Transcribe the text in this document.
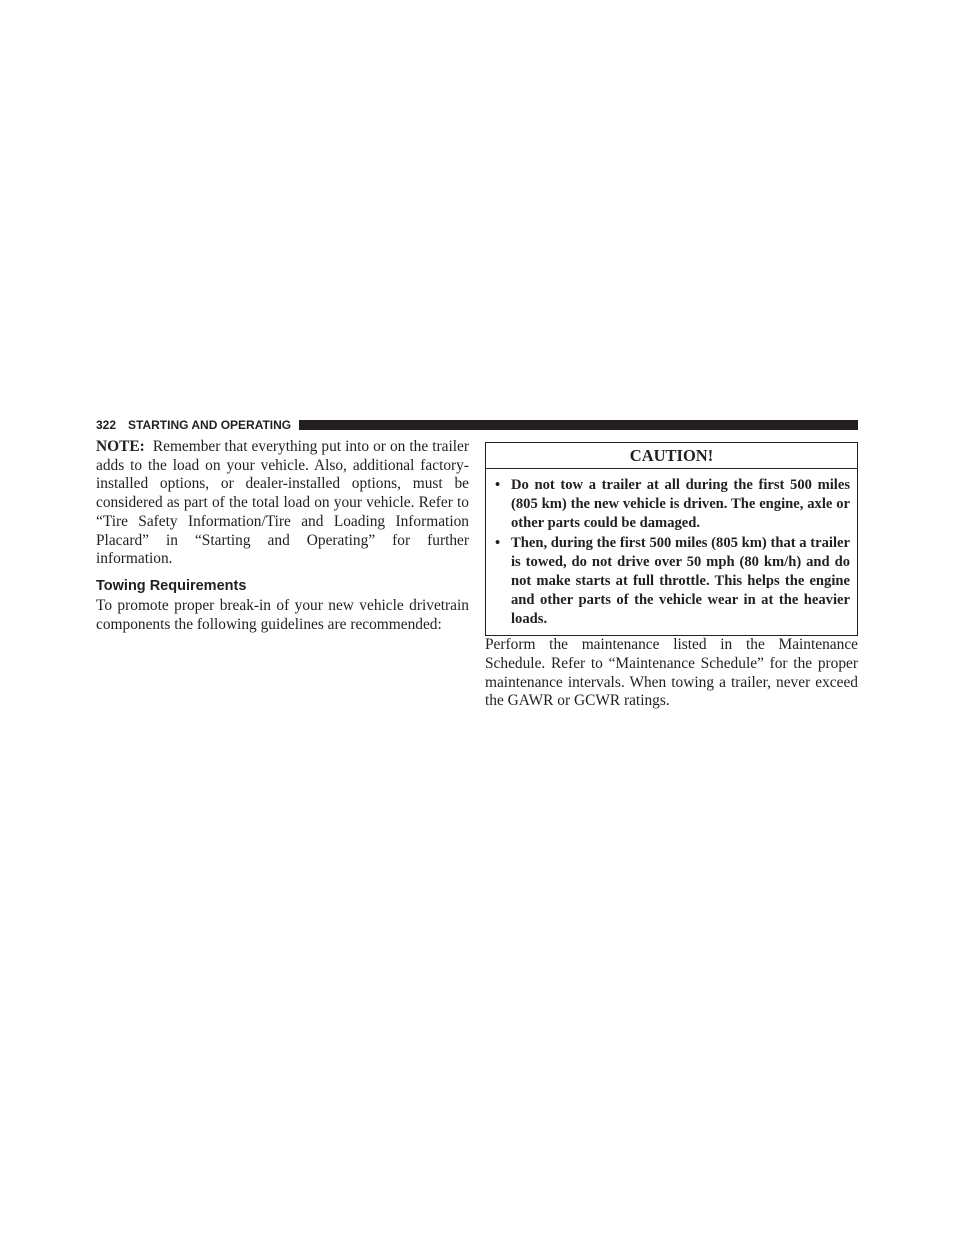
322 STARTING AND OPERATING

NOTE: Remember that everything put into or on the trailer adds to the load on your vehicle. Also, additional factory-installed options, or dealer-installed options, must be considered as part of the total load on your vehicle. Refer to “Tire Safety Information/Tire and Loading Information Placard” in “Starting and Operating” for further information.

Towing Requirements

To promote proper break-in of your new vehicle drivetrain components the following guidelines are recommended:

CAUTION!
• Do not tow a trailer at all during the first 500 miles (805 km) the new vehicle is driven. The engine, axle or other parts could be damaged.
• Then, during the first 500 miles (805 km) that a trailer is towed, do not drive over 50 mph (80 km/h) and do not make starts at full throttle. This helps the engine and other parts of the vehicle wear in at the heavier loads.

Perform the maintenance listed in the Maintenance Schedule. Refer to “Maintenance Schedule” for the proper maintenance intervals. When towing a trailer, never exceed the GAWR or GCWR ratings.
